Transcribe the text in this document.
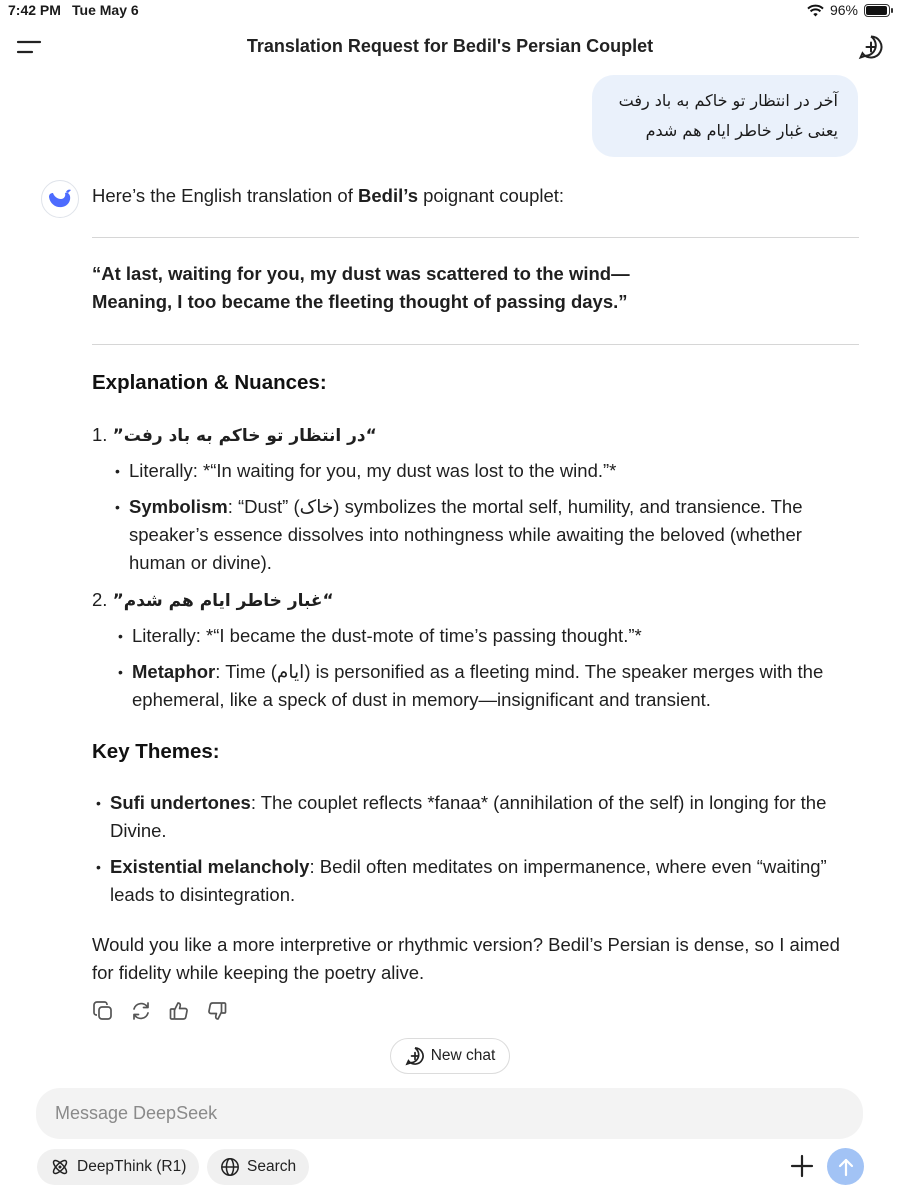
7:42 PM Tue May 6	96%
Translation Request for Bedil's Persian Couplet
آخر در انتظار تو خاکم به باد رفت
یعنی غبار خاطر ایام هم شدم
Here’s the English translation of Bedil’s poignant couplet:
“At last, waiting for you, my dust was scattered to the wind—
Meaning, I too became the fleeting thought of passing days.”
Explanation & Nuances:
1. “در انتظار تو خاکم به باد رفت”
• Literally: *“In waiting for you, my dust was lost to the wind.”*
• Symbolism: “Dust” (خاک) symbolizes the mortal self, humility, and transience. The speaker’s essence dissolves into nothingness while awaiting the beloved (whether human or divine).
2. “غبار خاطر ایام هم شدم”
• Literally: *“I became the dust-mote of time’s passing thought.”*
• Metaphor: Time (ایام) is personified as a fleeting mind. The speaker merges with the ephemeral, like a speck of dust in memory—insignificant and transient.
Key Themes:
• Sufi undertones: The couplet reflects *fanaa* (annihilation of the self) in longing for the Divine.
• Existential melancholy: Bedil often meditates on impermanence, where even “waiting” leads to disintegration.
Would you like a more interpretive or rhythmic version? Bedil’s Persian is dense, so I aimed for fidelity while keeping the poetry alive.
New chat
Message DeepSeek
DeepThink (R1)	Search
